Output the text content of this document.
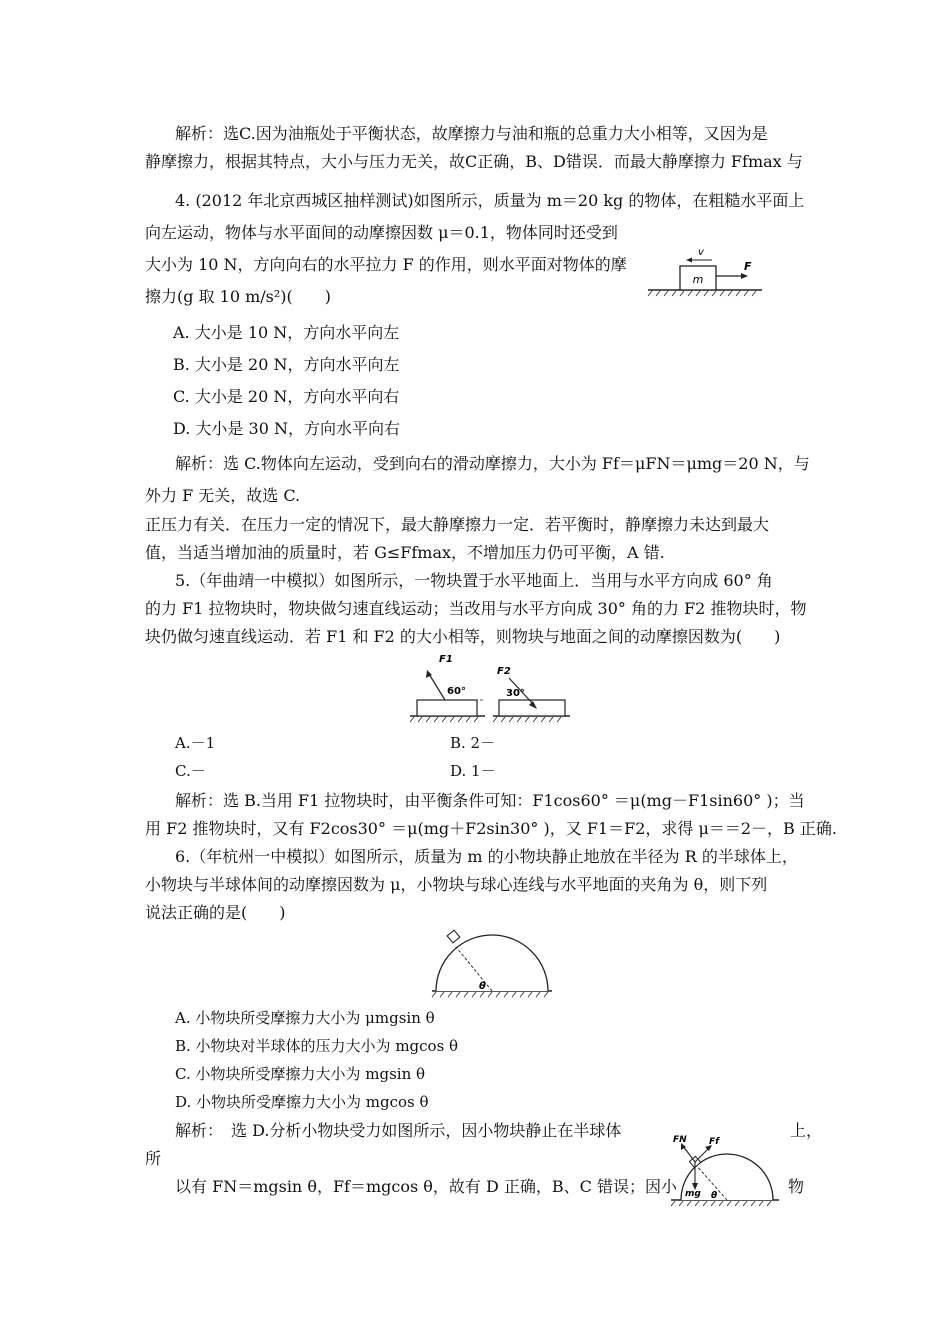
解析：选C.因为油瓶处于平衡状态，故摩擦力与油和瓶的总重力大小相等，又因为是
静摩擦力，根据其特点，大小与压力无关，故C正确，B、D错误．而最大静摩擦力 Ffmax 与
4. (2012 年北京西城区抽样测试)如图所示，质量为 m＝20 kg 的物体，在粗糙水平面上
向左运动，物体与水平面间的动摩擦因数 μ＝0.1，物体同时还受到
大小为 10 N，方向向右的水平拉力 F 的作用，则水平面对物体的摩
擦力(g 取 10 m/s²)(　　)
m
v
F
A. 大小是 10 N，方向水平向左
B. 大小是 20 N，方向水平向左
C. 大小是 20 N，方向水平向右
D. 大小是 30 N，方向水平向右
解析：选 C.物体向左运动，受到向右的滑动摩擦力，大小为 Ff＝μFN＝μmg＝20 N，与
外力 F 无关，故选 C.
正压力有关．在压力一定的情况下，最大静摩擦力一定．若平衡时，静摩擦力未达到最大
值，当适当增加油的质量时，若 G≤Ffmax，不增加压力仍可平衡，A 错.
5.（年曲靖一中模拟）如图所示，一物块置于水平地面上．当用与水平方向成 60° 角
的力 F1 拉物块时，物块做匀速直线运动；当改用与水平方向成 30° 角的力 F2 推物块时，物
块仍做匀速直线运动．若 F1 和 F2 的大小相等，则物块与地面之间的动摩擦因数为(　　)
F1
60°
F2
30°
A.－1	B. 2－
C.－	D. 1－
解析：选 B.当用 F1 拉物块时，由平衡条件可知：F1cos60° ＝μ(mg－F1sin60° )；当
用 F2 推物块时，又有 F2cos30° ＝μ(mg＋F2sin30° )，又 F1＝F2，求得 μ＝＝2－，B 正确.
6.（年杭州一中模拟）如图所示，质量为 m 的小物块静止地放在半径为 R 的半球体上，
小物块与半球体间的动摩擦因数为 μ，小物块与球心连线与水平地面的夹角为 θ，则下列
说法正确的是(　　)
θ
A. 小物块所受摩擦力大小为 μmgsin θ
B. 小物块对半球体的压力大小为 mgcos θ
C. 小物块所受摩擦力大小为 mgsin θ
D. 小物块所受摩擦力大小为 mgcos θ
解析：　选 D.分析小物块受力如图所示，因小物块静止在半球体	上，
所
以有 FN＝mgsin θ，Ff＝mgcos θ，故有 D 正确，B、C 错误；因小	物
FN Ff
mg θ
